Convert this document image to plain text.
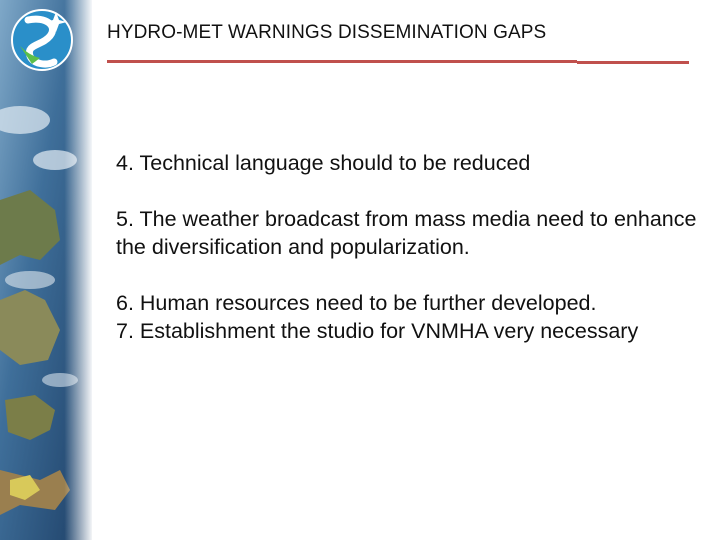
HYDRO-MET WARNINGS DISSEMINATION GAPS

4. Technical language should to be reduced

5. The weather broadcast from mass media need to enhance the diversification and popularization.

6. Human resources need to be further developed.

7. Establishment the studio for VNMHA very necessary
